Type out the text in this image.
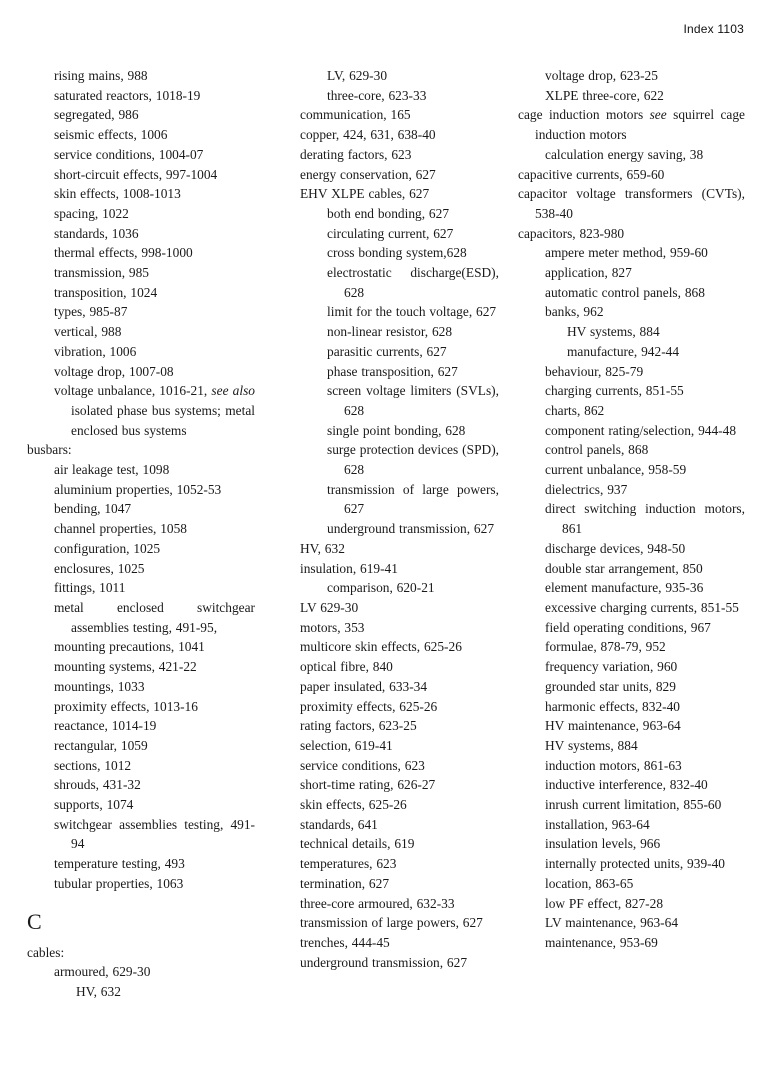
Index 1103
rising mains, 988
saturated reactors, 1018-19
segregated, 986
seismic effects, 1006
service conditions, 1004-07
short-circuit effects, 997-1004
skin effects, 1008-1013
spacing, 1022
standards, 1036
thermal effects, 998-1000
transmission, 985
transposition, 1024
types, 985-87
vertical, 988
vibration, 1006
voltage drop, 1007-08
voltage unbalance, 1016-21, see also isolated phase bus systems; metal enclosed bus systems
busbars:
air leakage test, 1098
aluminium properties, 1052-53
bending, 1047
channel properties, 1058
configuration, 1025
enclosures, 1025
fittings, 1011
metal enclosed switchgear assemblies testing, 491-95,
mounting precautions, 1041
mounting systems, 421-22
mountings, 1033
proximity effects, 1013-16
reactance, 1014-19
rectangular, 1059
sections, 1012
shrouds, 431-32
supports, 1074
switchgear assemblies testing, 491-94
temperature testing, 493
tubular properties, 1063
C
cables:
armoured, 629-30
HV, 632
LV, 629-30
three-core, 623-33
communication, 165
copper, 424, 631, 638-40
derating factors, 623
energy conservation, 627
EHV XLPE cables, 627
both end bonding, 627
circulating current, 627
cross bonding system,628
electrostatic discharge(ESD), 628
limit for the touch voltage, 627
non-linear resistor, 628
parasitic currents, 627
phase transposition, 627
screen voltage limiters (SVLs), 628
single point bonding, 628
surge protection devices (SPD), 628
transmission of large powers, 627
underground transmission, 627
HV, 632
insulation, 619-41
comparison, 620-21
LV 629-30
motors, 353
multicore skin effects, 625-26
optical fibre, 840
paper insulated, 633-34
proximity effects, 625-26
rating factors, 623-25
selection, 619-41
service conditions, 623
short-time rating, 626-27
skin effects, 625-26
standards, 641
technical details, 619
temperatures, 623
termination, 627
three-core armoured, 632-33
transmission of large powers, 627
trenches, 444-45
underground transmission, 627
voltage drop, 623-25
XLPE three-core, 622
cage induction motors see squirrel cage induction motors
calculation energy saving, 38
capacitive currents, 659-60
capacitor voltage transformers (CVTs), 538-40
capacitors, 823-980
ampere meter method, 959-60
application, 827
automatic control panels, 868
banks, 962
HV systems, 884
manufacture, 942-44
behaviour, 825-79
charging currents, 851-55
charts, 862
component rating/selection, 944-48
control panels, 868
current unbalance, 958-59
dielectrics, 937
direct switching induction motors, 861
discharge devices, 948-50
double star arrangement, 850
element manufacture, 935-36
excessive charging currents, 851-55
field operating conditions, 967
formulae, 878-79, 952
frequency variation, 960
grounded star units, 829
harmonic effects, 832-40
HV maintenance, 963-64
HV systems, 884
induction motors, 861-63
inductive interference, 832-40
inrush current limitation, 855-60
installation, 963-64
insulation levels, 966
internally protected units, 939-40
location, 863-65
low PF effect, 827-28
LV maintenance, 963-64
maintenance, 953-69
